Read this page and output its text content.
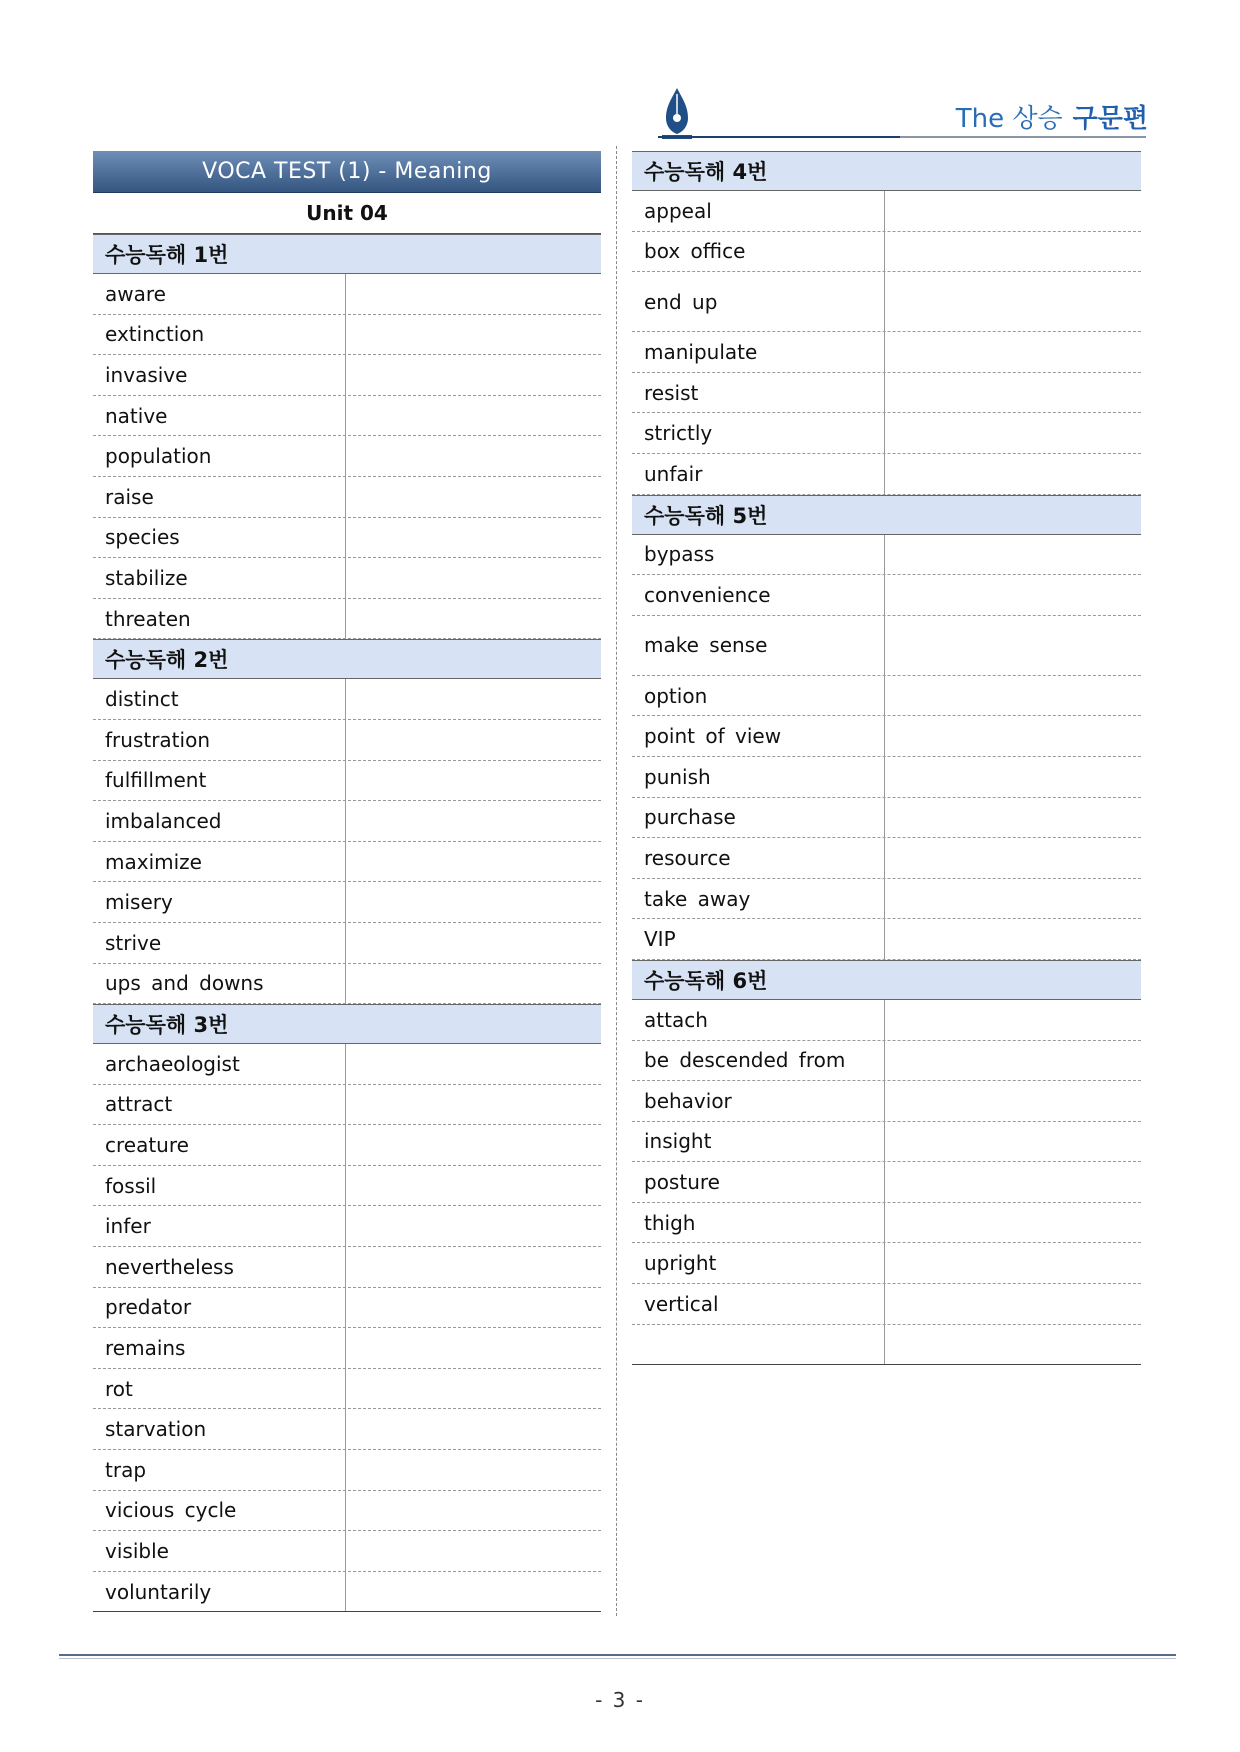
The 상승 구문편
VOCA TEST (1) - Meaning
Unit 04
수능독해 1번
aware
extinction
invasive
native
population
raise
species
stabilize
threaten
수능독해 2번
distinct
frustration
fulfillment
imbalanced
maximize
misery
strive
ups and downs
수능독해 3번
archaeologist
attract
creature
fossil
infer
nevertheless
predator
remains
rot
starvation
trap
vicious cycle
visible
voluntarily
수능독해 4번
appeal
box office
end up
manipulate
resist
strictly
unfair
수능독해 5번
bypass
convenience
make sense
option
point of view
punish
purchase
resource
take away
VIP
수능독해 6번
attach
be descended from
behavior
insight
posture
thigh
upright
vertical
- 3 -
